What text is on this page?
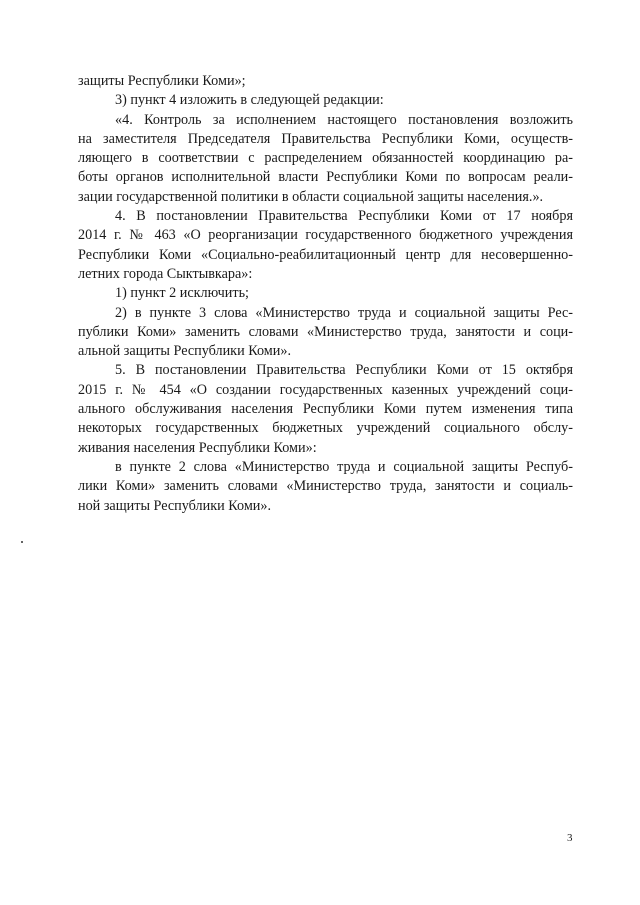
защиты Республики Коми»;
3) пункт 4 изложить в следующей редакции:
«4. Контроль за исполнением настоящего постановления возложить
на заместителя Председателя Правительства Республики Коми, осуществ-
ляющего в соответствии с распределением обязанностей координацию ра-
боты органов исполнительной власти Республики Коми по вопросам реали-
зации государственной политики в области социальной защиты населения.».
4. В постановлении Правительства Республики Коми от 17 ноября
2014 г. № 463 «О реорганизации государственного бюджетного учреждения
Республики Коми «Социально-реабилитационный центр для несовершенно-
летних города Сыктывкара»:
1) пункт 2 исключить;
2) в пункте 3 слова «Министерство труда и социальной защиты Рес-
публики Коми» заменить словами «Министерство труда, занятости и соци-
альной защиты Республики Коми».
5. В постановлении Правительства Республики Коми от 15 октября
2015 г. № 454 «О создании государственных казенных учреждений соци-
ального обслуживания населения Республики Коми путем изменения типа
некоторых государственных бюджетных учреждений социального обслу-
живания населения Республики Коми»:
в пункте 2 слова «Министерство труда и социальной защиты Респуб-
лики Коми» заменить словами «Министерство труда, занятости и социаль-
ной защиты Республики Коми».
3
